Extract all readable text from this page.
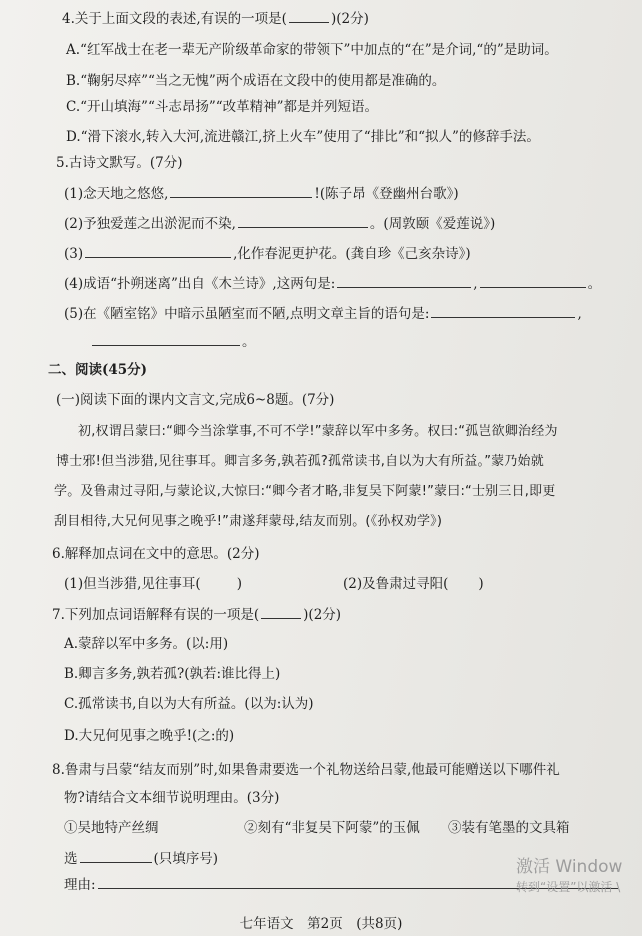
4.关于上面文段的表述,有误的一项是(	)(2分)
A.“红军战士在老一辈无产阶级革命家的带领下”中加点的“在”是介词,“的”是助词。
B.“鞠躬尽瘁”“当之无愧”两个成语在文段中的使用都是准确的。
C.“开山填海”“斗志昂扬”“改革精神”都是并列短语。
D.“滑下滚水,转入大河,流进赣江,挤上火车”使用了“排比”和“拟人”的修辞手法。
5.古诗文默写。(7分)
(1)念天地之悠悠,	!(陈子昂《登幽州台歌》)
(2)予独爱莲之出淤泥而不染,	。(周敦颐《爱莲说》)
(3)	,化作春泥更护花。(龚自珍《己亥杂诗》)
(4)成语“扑朔迷离”出自《木兰诗》,这两句是:	,	。
(5)在《陋室铭》中暗示虽陋室而不陋,点明文章主旨的语句是:	,
。
二、阅读(45分)
(一)阅读下面的课内文言文,完成6~8题。(7分)
初,权谓吕蒙曰:“卿今当涂掌事,不可不学!”蒙辞以军中多务。权曰:“孤岂欲卿治经为
博士邪!但当涉猎,见往事耳。卿言多务,孰若孤?孤常读书,自以为大有所益。”蒙乃始就
学。及鲁肃过寻阳,与蒙论议,大惊曰:“卿今者才略,非复吴下阿蒙!”蒙曰:“士别三日,即更
刮目相待,大兄何见事之晚乎!”肃遂拜蒙母,结友而别。(《孙权劝学》)
6.解释加点词在文中的意思。(2分)
(1)但当涉猎,见往事耳(	)	(2)及鲁肃过寻阳( )
7.下列加点词语解释有误的一项是(	)(2分)
A.蒙辞以军中多务。(以:用)
B.卿言多务,孰若孤?(孰若:谁比得上)
C.孤常读书,自以为大有所益。(以为:认为)
D.大兄何见事之晚乎!(之:的)
8.鲁肃与吕蒙“结友而别”时,如果鲁肃要选一个礼物送给吕蒙,他最可能赠送以下哪件礼
物?请结合文本细节说明理由。(3分)
①吴地特产丝绸	②刻有“非复吴下阿蒙”的玉佩 ③装有笔墨的文具箱
选	(只填序号)
理由:
七年语文　第2页　(共8页)
激活 Window
转到“设置”以激活 \
